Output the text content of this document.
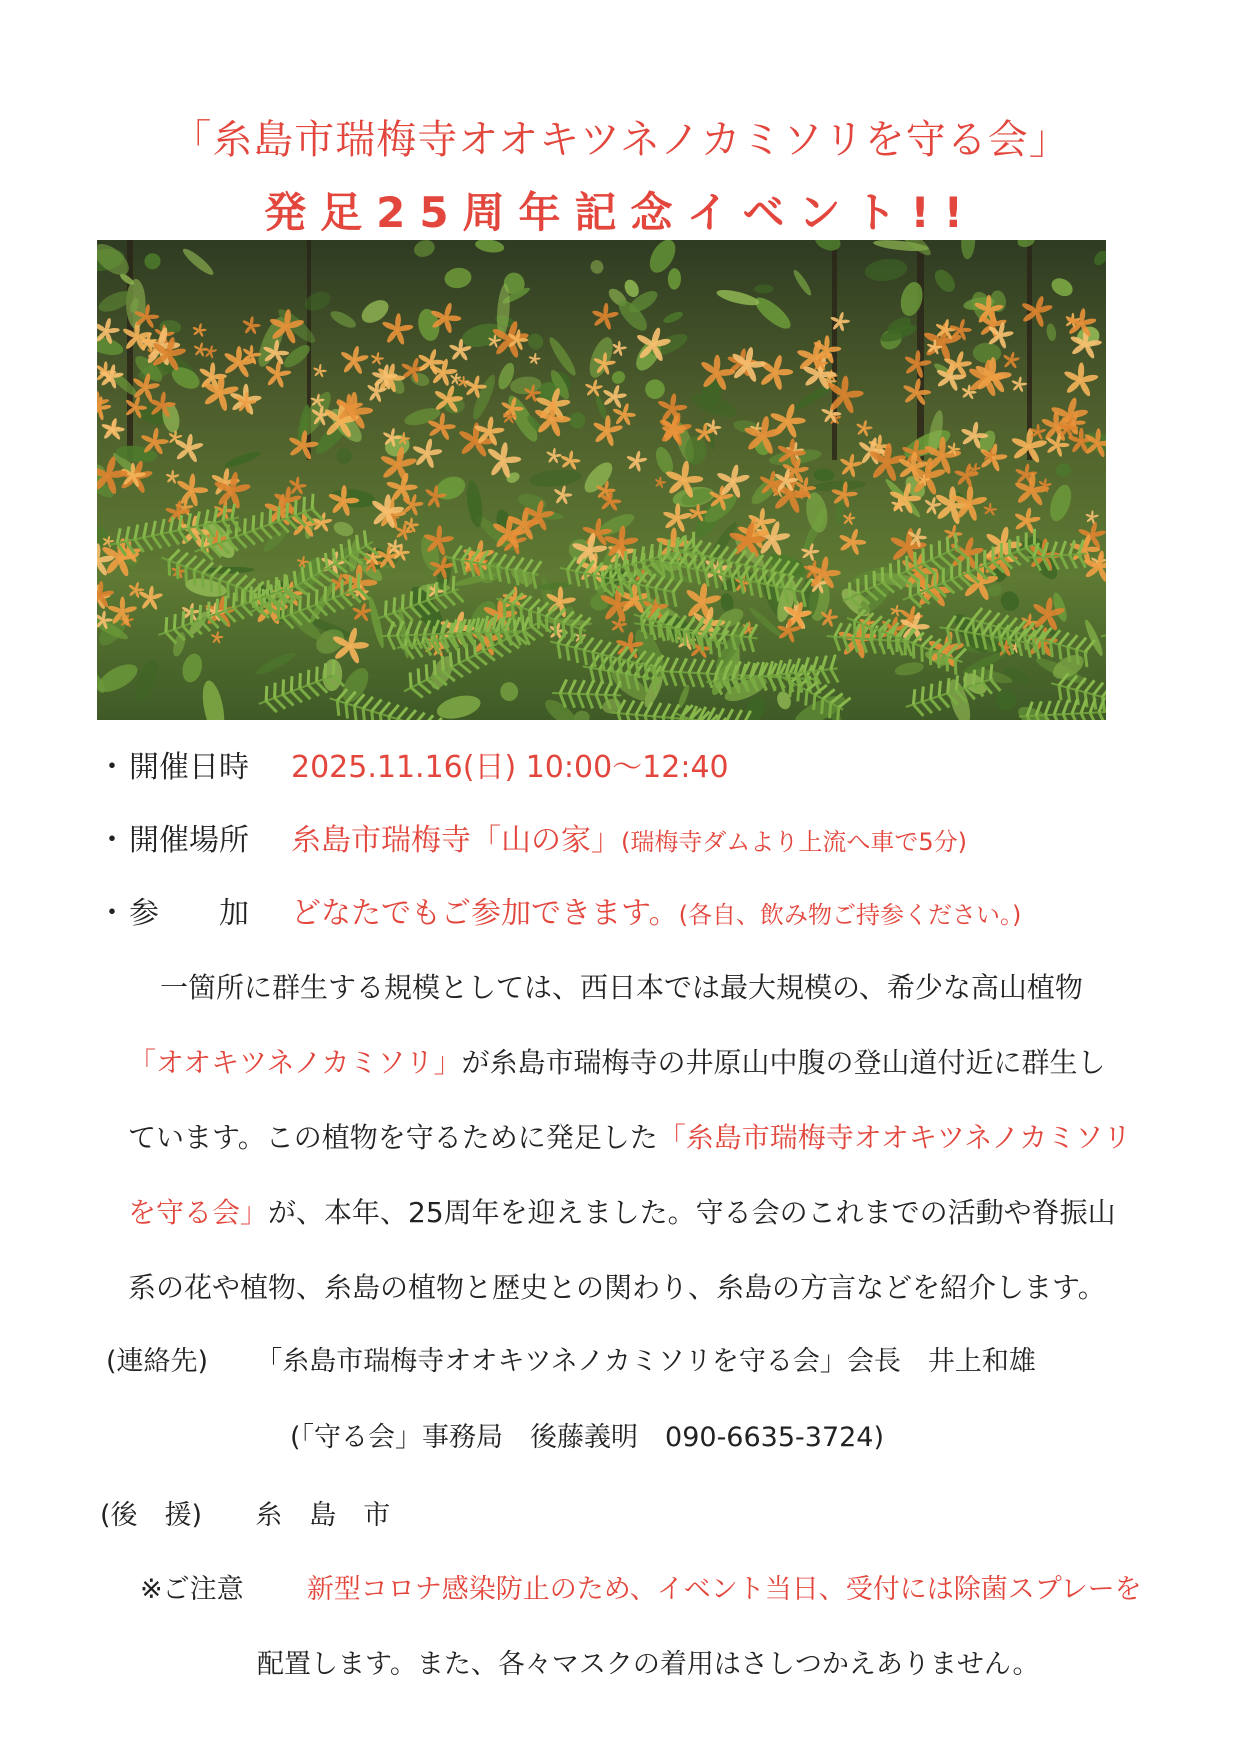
「糸島市瑞梅寺オオキツネノカミソリを守る会」
発足25周年記念イベント!!
・ 開催日時	2025.11.16(日) 10:00〜12:40
・ 開催場所	糸島市瑞梅寺「山の家」 (瑞梅寺ダムより上流へ車で5分)
・ 参　　加	どなたでもご参加できます。 (各自、飲み物ご持参ください。)
一箇所に群生する規模としては、西日本では最大規模の、希少な高山植物
「オオキツネノカミソリ」が糸島市瑞梅寺の井原山中腹の登山道付近に群生し
ています。この植物を守るために発足した「糸島市瑞梅寺オオキツネノカミソリ
を守る会」が、本年、25周年を迎えました。守る会のこれまでの活動や脊振山
系の花や植物、糸島の植物と歴史との関わり、糸島の方言などを紹介します。
(連絡先) 「糸島市瑞梅寺オオキツネノカミソリを守る会」会長　井上和雄
(「守る会」事務局　後藤義明　090-6635-3724)
(後　援) 糸　島　市
※ご注意 新型コロナ感染防止のため、イベント当日、受付には除菌スプレーを
配置します。また、各々マスクの着用はさしつかえありません。
